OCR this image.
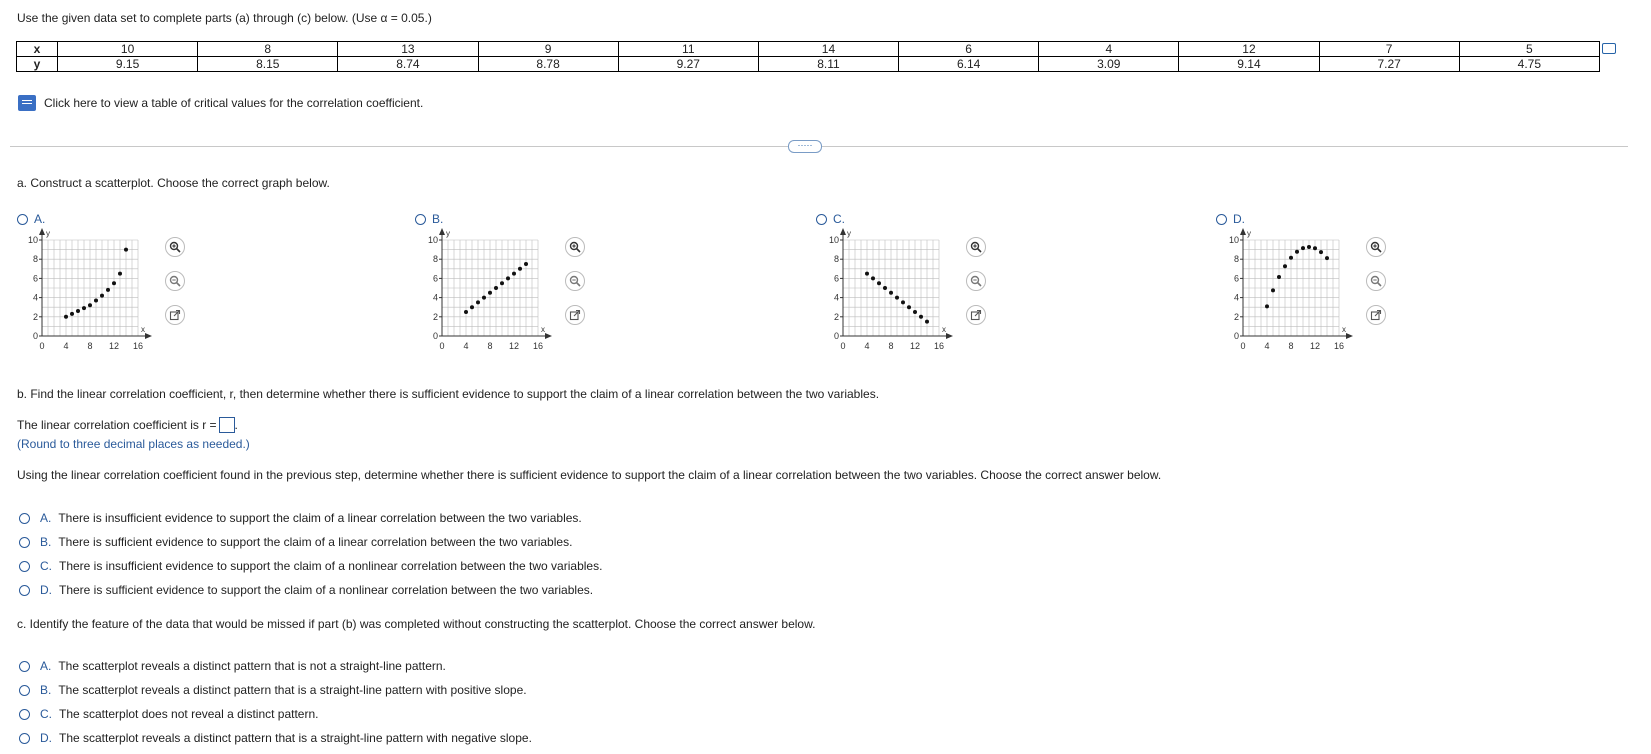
Use the given data set to complete parts (a) through (c) below. (Use α = 0.05.)
x	10	8	13	9	11	14	6	4	12	7	5
y	9.15	8.15	8.74	8.78	9.27	8.11	6.14	3.09	9.14	7.27	4.75
Click here to view a table of critical values for the correlation coefficient.
·····
a. Construct a scatterplot. Choose the correct graph below.
A.	B.	C.	D.
10
8
6
4
2
0
0 4 8 12 16
x
y
10
8
6
4
2
0
0 4 8 12 16
x
y
10
8
6
4
2
0
0 4 8 12 16
x
y
10
8
6
4
2
0
0 4 8 12 16
x
y
b. Find the linear correlation coefficient, r, then determine whether there is sufficient evidence to support the claim of a linear correlation between the two variables.
The linear correlation coefficient is r = .
(Round to three decimal places as needed.)
Using the linear correlation coefficient found in the previous step, determine whether there is sufficient evidence to support the claim of a linear correlation between the two variables. Choose the correct answer below.
A. There is insufficient evidence to support the claim of a linear correlation between the two variables.
B. There is sufficient evidence to support the claim of a linear correlation between the two variables.
C. There is insufficient evidence to support the claim of a nonlinear correlation between the two variables.
D. There is sufficient evidence to support the claim of a nonlinear correlation between the two variables.
c. Identify the feature of the data that would be missed if part (b) was completed without constructing the scatterplot. Choose the correct answer below.
A. The scatterplot reveals a distinct pattern that is not a straight-line pattern.
B. The scatterplot reveals a distinct pattern that is a straight-line pattern with positive slope.
C. The scatterplot does not reveal a distinct pattern.
D. The scatterplot reveals a distinct pattern that is a straight-line pattern with negative slope.
